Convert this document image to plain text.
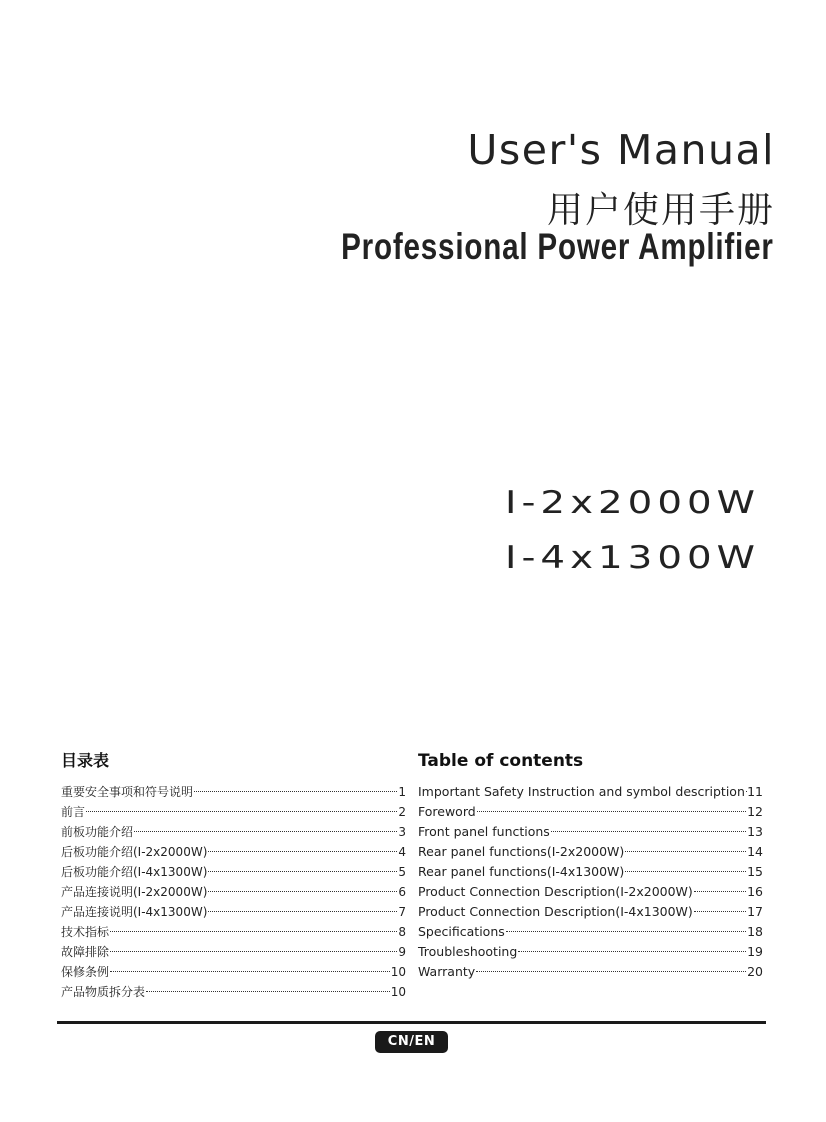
User's Manual
用户使用手册
Professional Power Amplifier
I-2x2000W
I-4x1300W
目录表
重要安全事项和符号说明	1
前言	2
前板功能介绍	3
后板功能介绍(I-2x2000W)	4
后板功能介绍(I-4x1300W)	5
产品连接说明(I-2x2000W)	6
产品连接说明(I-4x1300W)	7
技术指标	8
故障排除	9
保修条例	10
产品物质拆分表	10
Table of contents
Important Safety Instruction and symbol description 11
Foreword	12
Front panel functions	13
Rear panel functions(I-2x2000W)	14
Rear panel functions(I-4x1300W)	15
Product Connection Description(I-2x2000W)	16
Product Connection Description(I-4x1300W)	17
Specifications	18
Troubleshooting	19
Warranty	20
CN/EN
